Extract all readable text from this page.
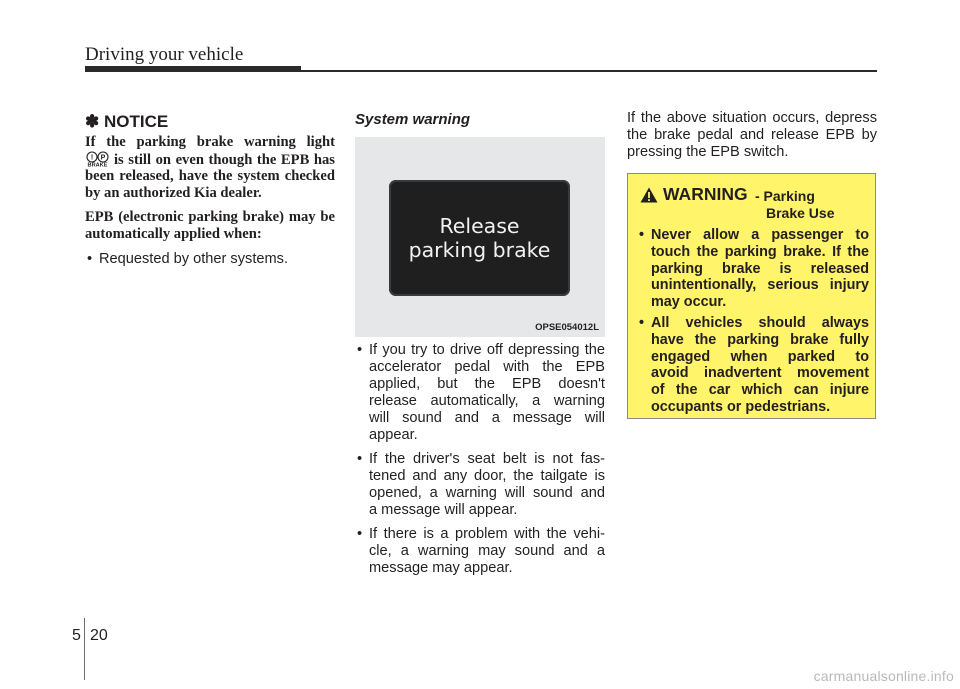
Driving your vehicle
✽ NOTICE
If the parking brake warning light
! P
BRAKE is still on even though the EPB has been released, have the system checked by an authorized Kia dealer.
EPB (electronic parking brake) may be automatically applied when:
• Requested by other systems.
System warning
OPSE054012L
Release
parking brake
• If you try to drive off depressing the
accelerator pedal with the EPB
applied, but the EPB doesn't
release automatically, a warning
will sound and a message will
appear.
• If the driver's seat belt is not fas-
tened and any door, the tailgate is
opened, a warning will sound and
a message will appear.
• If there is a problem with the vehi-
cle, a warning may sound and a
message may appear.
If the above situation occurs, depress the brake pedal and release EPB by pressing the EPB switch.
WARNING - Parking
Brake Use
• Never allow a passenger to
touch the parking brake. If the
parking brake is released
unintentionally, serious injury
may occur.
• All vehicles should always
have the parking brake fully
engaged when parked to
avoid inadvertent movement
of the car which can injure
occupants or pedestrians.
5 20
carmanualsonline.info
